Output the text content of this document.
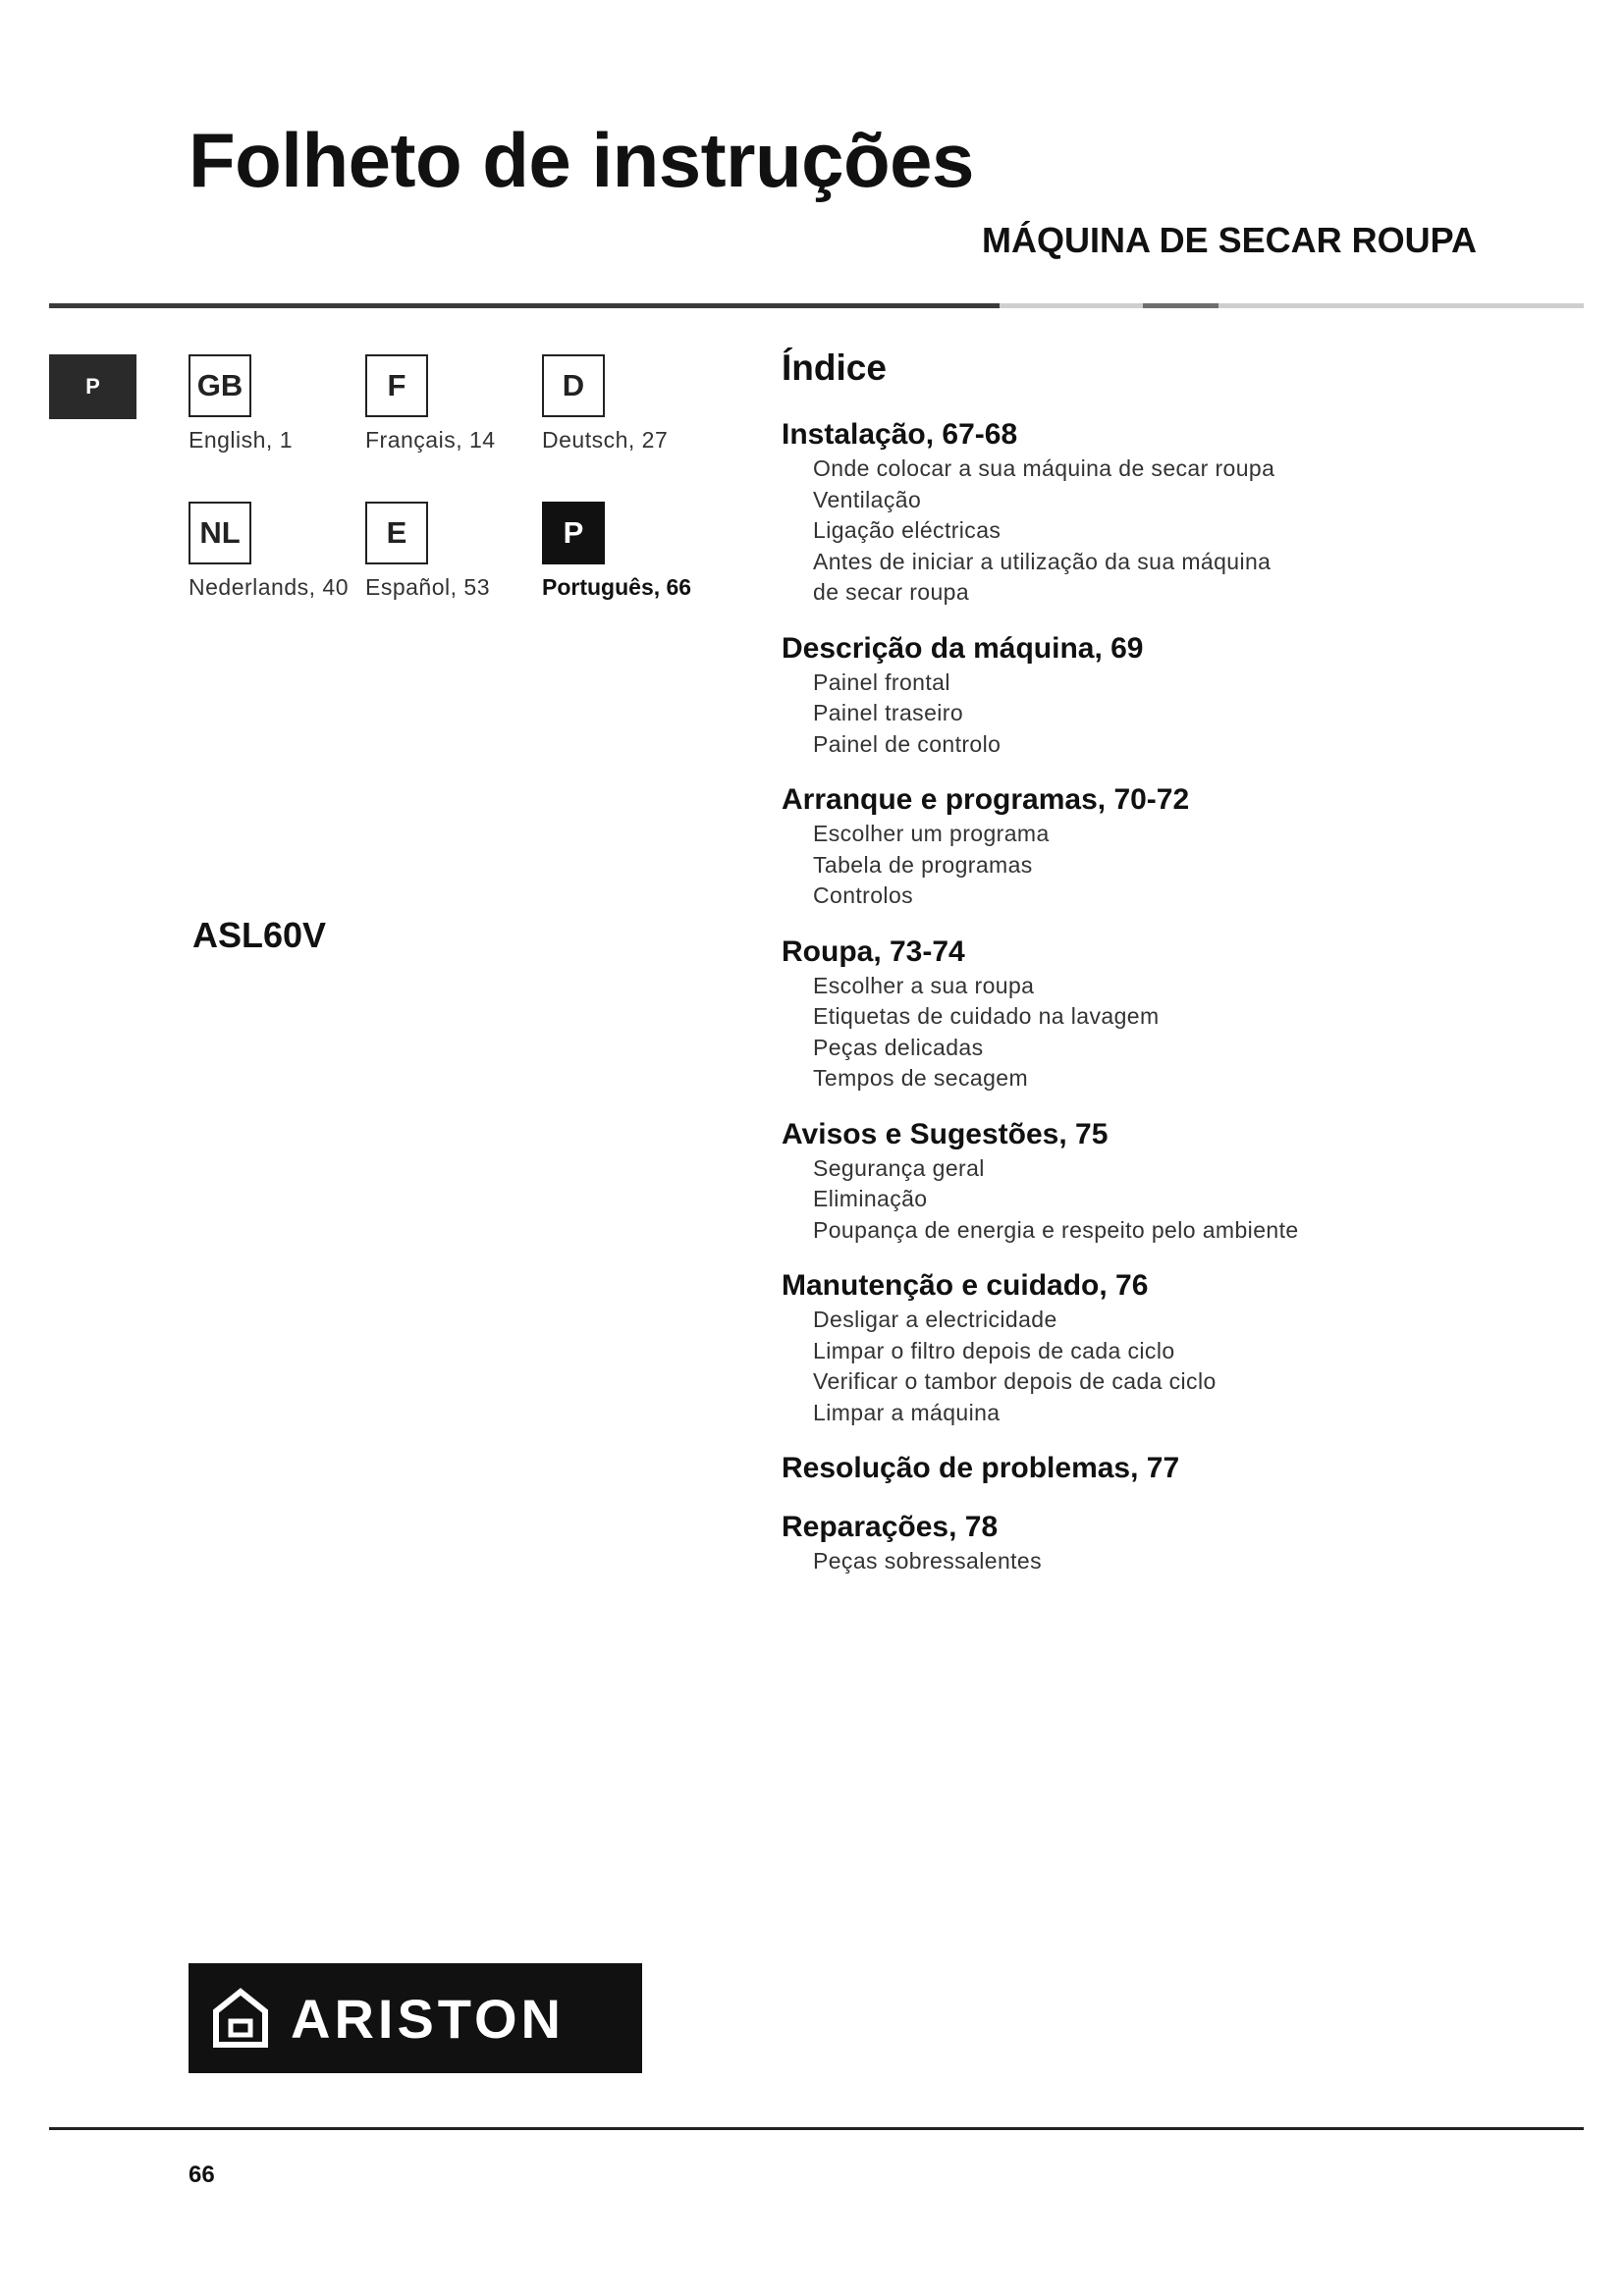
Folheto de instruções
MÁQUINA DE SECAR ROUPA
P	GB
English, 1
F
Français, 14
D
Deutsch, 27
NL
Nederlands, 40
E
Español, 53
P
Português, 66
ASL60V
Índice
Instalação, 67-68
Onde colocar a sua máquina de secar roupa
Ventilação
Ligação eléctricas
Antes de iniciar a utilização da sua máquina
de secar roupa
Descrição da máquina, 69
Painel frontal
Painel traseiro
Painel de controlo
Arranque e programas, 70-72
Escolher um programa
Tabela de programas
Controlos
Roupa, 73-74
Escolher a sua roupa
Etiquetas de cuidado na lavagem
Peças delicadas
Tempos de secagem
Avisos e Sugestões, 75
Segurança geral
Eliminação
Poupança de energia e respeito pelo ambiente
Manutenção e cuidado, 76
Desligar a electricidade
Limpar o filtro depois de cada ciclo
Verificar o tambor depois de cada ciclo
Limpar a máquina
Resolução de problemas, 77
Reparações, 78
Peças sobressalentes
ARISTON
66
